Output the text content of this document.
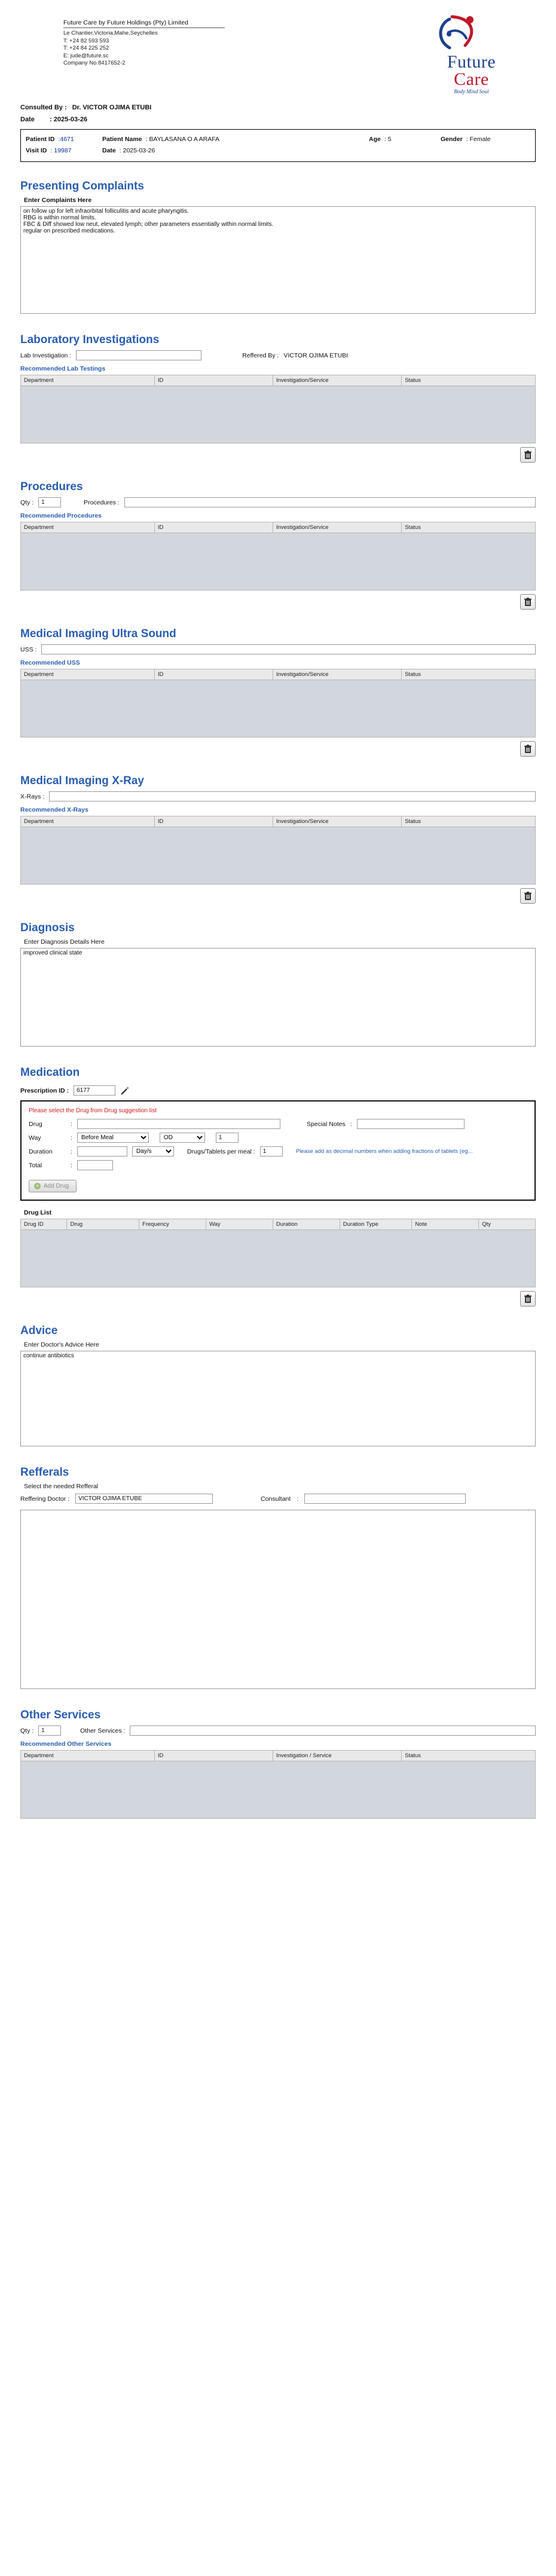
Future Care by Future Holdings (Pty) Limited
Le Chantier,Victoria,Mahe,Seychelles
T: +24 82 593 593
T: +24 84 225 252
E: jude@future.sc
Company No.8417652-2	Future
Care
Body Mind Soul
Consulted By : Dr. VICTOR OJIMA ETUBI
Date : 2025-03-26
Patient ID :4671	Patient Name : BAYLASANA O A ARAFA	Age : 5	Gender : Female
Visit ID : 19987	Date : 2025-03-26
Presenting Complaints
Enter Complaints Here
on follow up for left infraorbital folliculitis and acute pharyngitis. RBG is within normal limits. FBC & Diff showed low neut, elevated lymph; other parameters essentially within normal limits. regular on prescribed medications.
Laboratory Investigations
Lab Investigation :	Reffered By : VICTOR OJIMA ETUBI
Recommended Lab Testings
Department	ID	Investigation/Service	Status
Procedures
Qty :
1	Procedures :
Recommended Procedures
Department	ID	Investigation/Service	Status
Medical Imaging Ultra Sound
USS :
Recommended USS
Department	ID	Investigation/Service	Status
Medical Imaging X-Ray
X-Rays :
Recommended X-Rays
Department	ID	Investigation/Service	Status
Diagnosis
Enter Diagnosis Details Here
improved clinical state
Medication
Prescription ID :
6177
Please select the Drug from Drug suggestion list
Drug	:	Special Notes :
Way	:
Before Meal
OD
1
Duration	:
Day/s	Drugs/Tablets per meal :
1	Please add as decimal numbers when adding fractions of tablets (eg...
Total	:
+ Add Drug
Drug List
Drug ID	Drug	Frequency	Way	Duration	Duration Type	Note	Qty
Advice
Enter Doctor's Advice Here
continue antibiotics
Refferals
Select the needed Refferal
Reffering Doctor :
VICTOR OJIMA ETUBE	Consultant :
Other Services
Qty :
1	Other Services :
Recommended Other Services
Department	ID	Investigation / Service	Status
